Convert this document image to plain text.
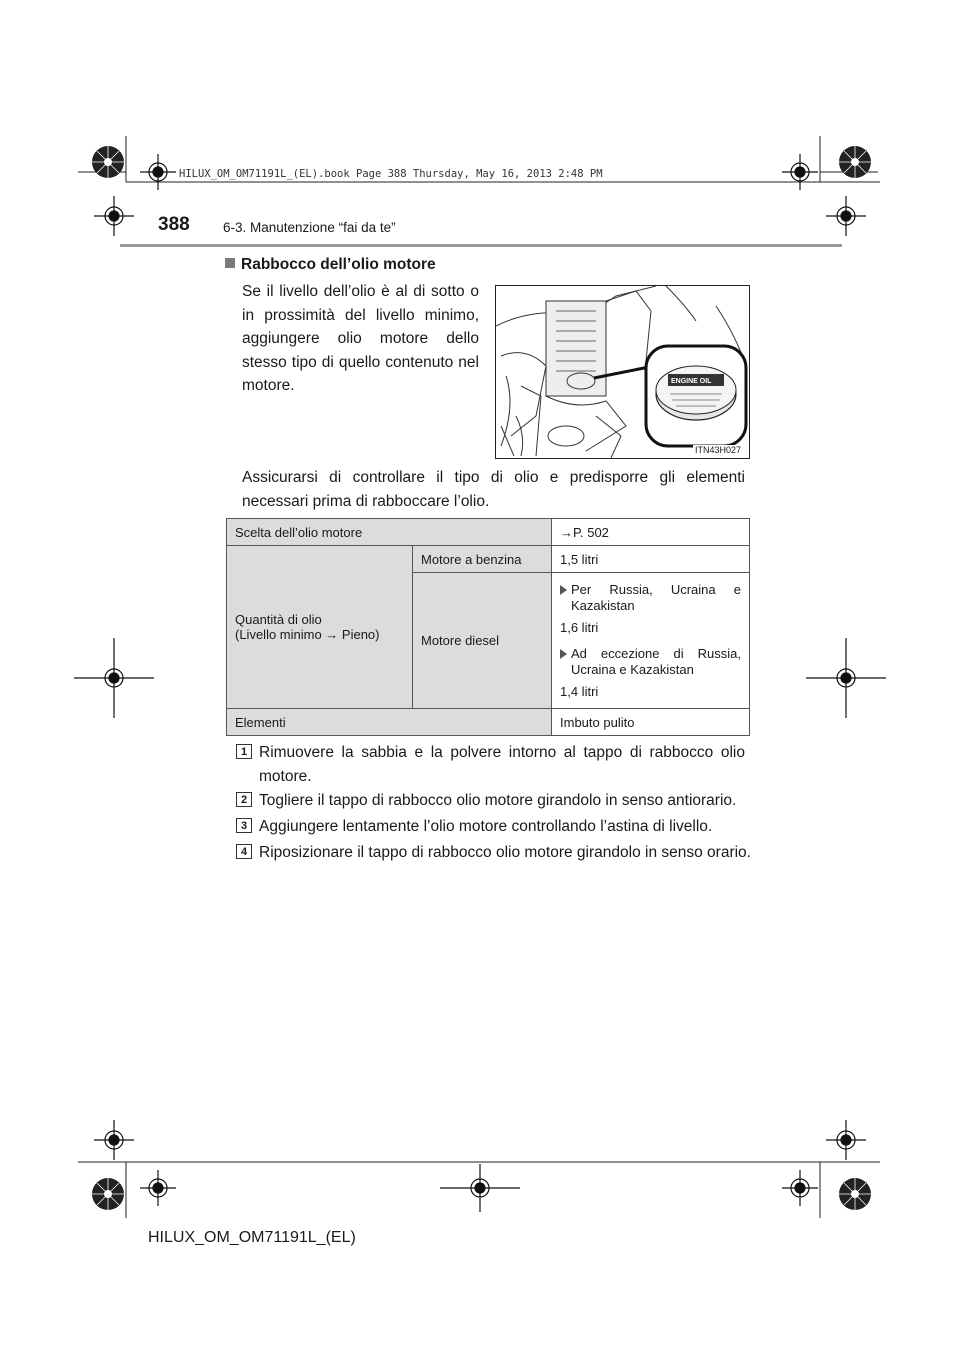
HILUX_OM_OM71191L_(EL).book Page 388 Thursday, May 16, 2013 2:48 PM
388 6-3. Manutenzione “fai da te”
Rabbocco dell’olio motore
Se il livello dell’olio è al di sotto o in prossimità del livello minimo, aggiungere olio motore dello stesso tipo di quello contenuto nel motore.	ENGINE OIL
ITN43H027
Assicurarsi di controllare il tipo di olio e predisporre gli elementi necessari prima di rabboccare l’olio.
Scelta dell’olio motore		→P. 502

Quantità di olio
(Livello minimo → Pieno)	Motore a benzina	1,5 litri
	Motore diesel	Per Russia, Ucraina e Kazakistan
1,6 litri
Ad eccezione di Russia, Ucraina e Kazakistan
1,4 litri

Elementi		Imbuto pulito
1 Rimuovere la sabbia e la polvere intorno al tappo di rabbocco olio motore.
2 Togliere il tappo di rabbocco olio motore girandolo in senso antiorario.
3 Aggiungere lentamente l’olio motore controllando l’astina di livello.
4 Riposizionare il tappo di rabbocco olio motore girandolo in senso orario.
HILUX_OM_OM71191L_(EL)
